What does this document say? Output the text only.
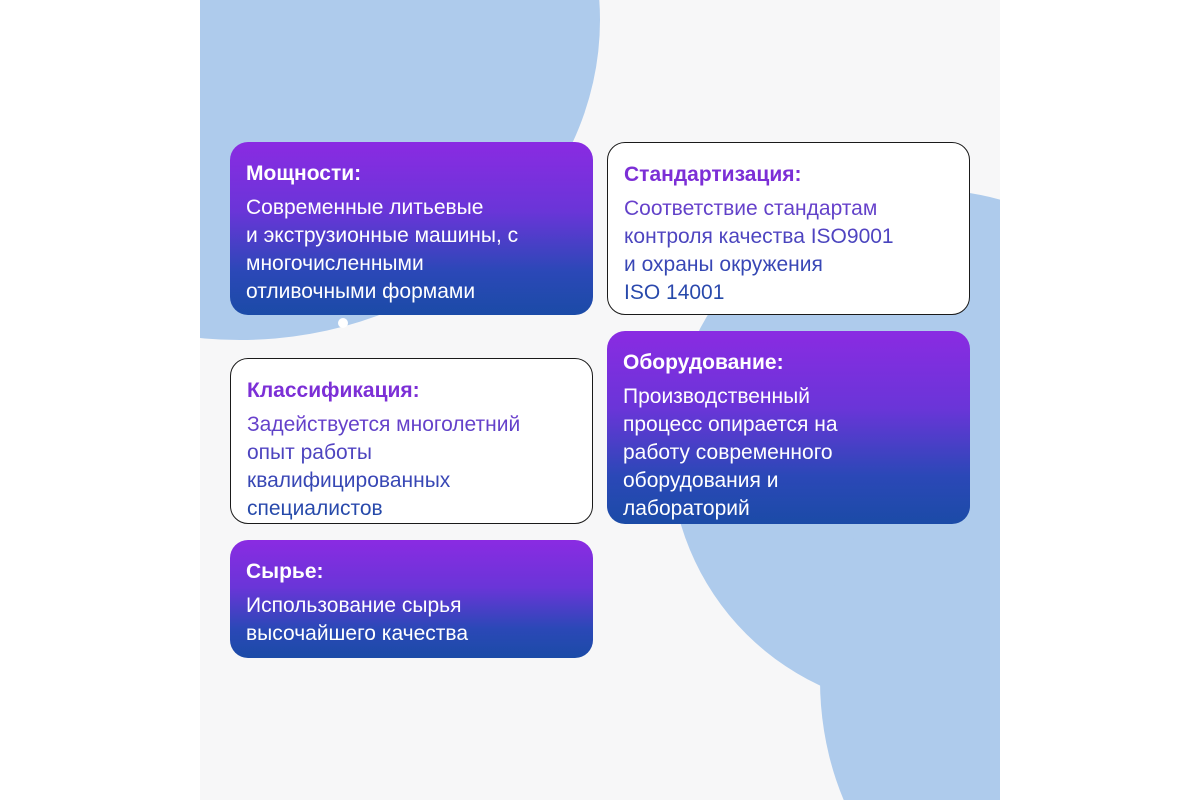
Мощности:

Современные литьевые
и экструзионные машины, с
многочисленными
отливочными формами

Стандартизация:

Соответствие стандартам
контроля качества ISO9001
и охраны окружения
ISO 14001

Классификация:

Задействуется многолетний
опыт работы
квалифицированных
специалистов

Оборудование:

Производственный
процесс опирается на
работу современного
оборудования и
лабораторий

Сырье:

Использование сырья
высочайшего качества
